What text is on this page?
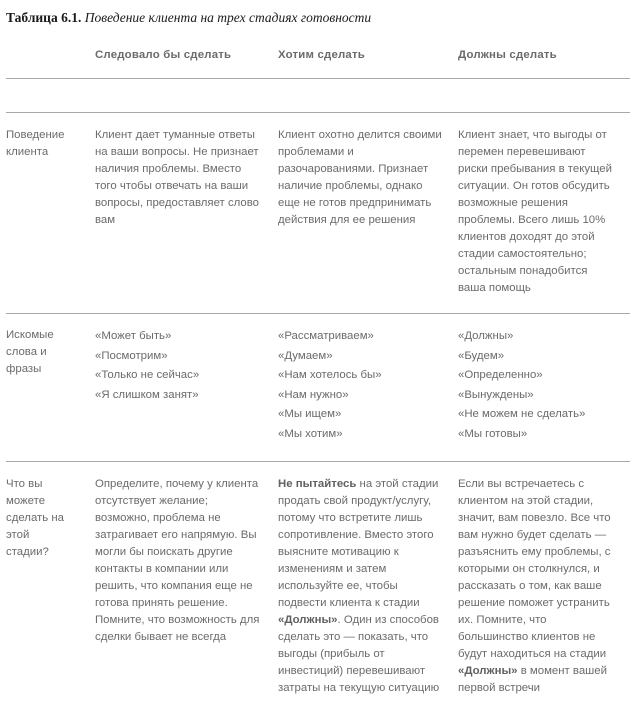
Таблица 6.1. Поведение клиента на трех стадиях готовности
Следовало бы сделать	Хотим сделать	Должны сделать
Поведение клиента
Клиент дает туманные ответы на ваши вопросы. Не признает наличия проблемы. Вместо того чтобы отвечать на ваши вопросы, предоставляет слово вам
Клиент охотно делится своими проблемами и разочарованиями. Признает наличие проблемы, однако еще не готов предпринимать действия для ее решения
Клиент знает, что выгоды от перемен перевешивают риски пребывания в текущей ситуации. Он готов обсудить возможные решения проблемы. Всего лишь 10% клиентов доходят до этой стадии самостоятельно; остальным понадобится ваша помощь
Искомые слова и фразы
«Может быть»
«Посмотрим»
«Только не сейчас»
«Я слишком занят»
«Рассматриваем»
«Думаем»
«Нам хотелось бы»
«Нам нужно»
«Мы ищем»
«Мы хотим»
«Должны»
«Будем»
«Определенно»
«Вынуждены»
«Не можем не сделать»
«Мы готовы»
Что вы можете сделать на этой стадии?
Определите, почему у клиента отсутствует желание; возможно, проблема не затрагивает его напрямую. Вы могли бы поискать другие контакты в компании или решить, что компания еще не готова принять решение. Помните, что возможность для сделки бывает не всегда
Не пытайтесь на этой стадии продать свой продукт/услугу, потому что встретите лишь сопротивление. Вместо этого выясните мотивацию к изменениям и затем используйте ее, чтобы подвести клиента к стадии «Должны». Один из способов сделать это — показать, что выгоды (прибыль от инвестиций) перевешивают затраты на текущую ситуацию
Если вы встречаетесь с клиентом на этой стадии, значит, вам повезло. Все что вам нужно будет сделать — разъяснить ему проблемы, с которыми он столкнулся, и рассказать о том, как ваше решение поможет устранить их. Помните, что большинство клиентов не будут находиться на стадии «Должны» в момент вашей первой встречи
